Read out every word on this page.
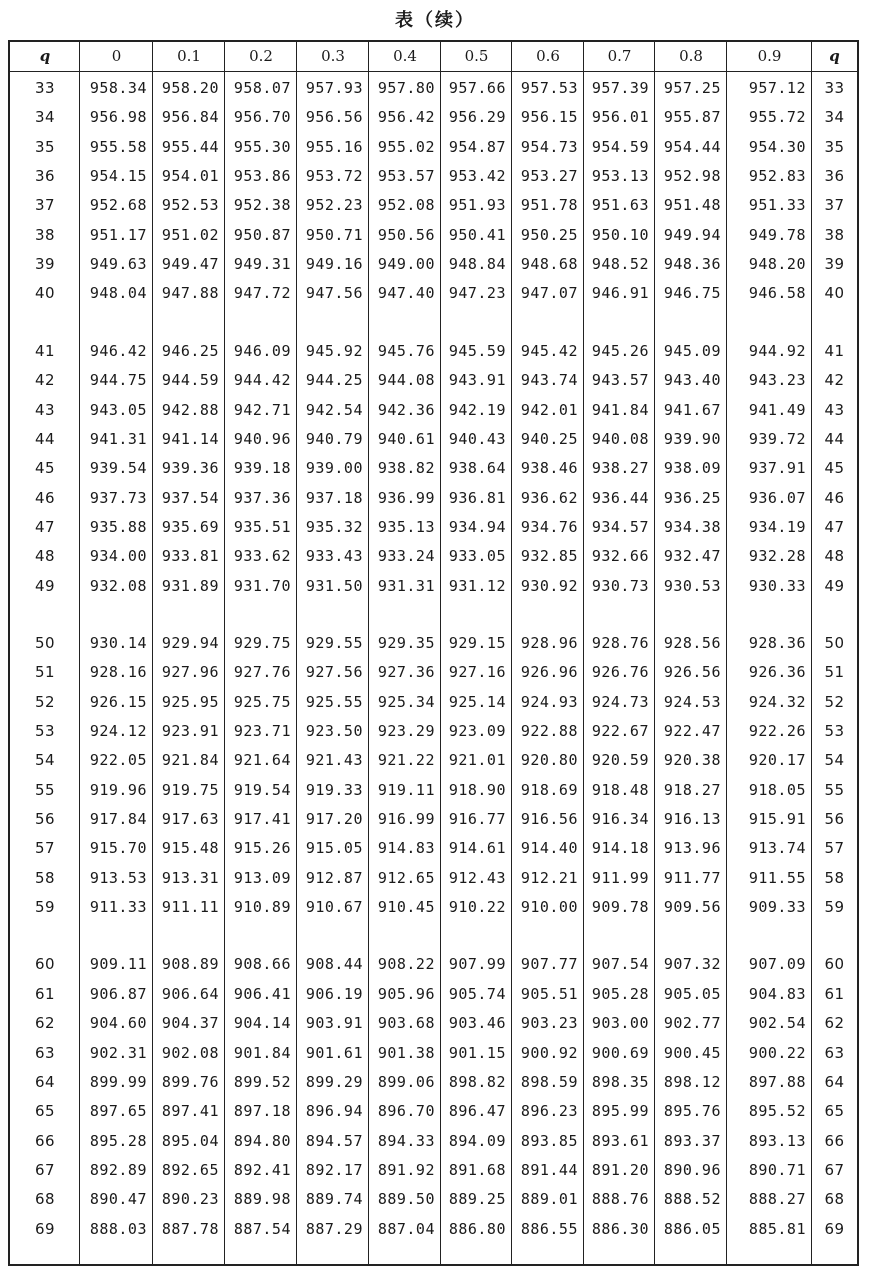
表（续）
q	0	0.1	0.2	0.3	0.4	0.5	0.6	0.7	0.8	0.9	q
33	958.34 958.20 958.07 957.93 957.80 957.66 957.53 957.39 957.25	957.12	33
34	956.98 956.84 956.70 956.56 956.42 956.29 956.15 956.01 955.87	955.72	34
35	955.58 955.44 955.30 955.16 955.02 954.87 954.73 954.59 954.44	954.30	35
36	954.15 954.01 953.86 953.72 953.57 953.42 953.27 953.13 952.98	952.83	36
37	952.68 952.53 952.38 952.23 952.08 951.93 951.78 951.63 951.48	951.33	37
38	951.17 951.02 950.87 950.71 950.56 950.41 950.25 950.10 949.94	949.78	38
39	949.63 949.47 949.31 949.16 949.00 948.84 948.68 948.52 948.36	948.20	39
40	948.04 947.88 947.72 947.56 947.40 947.23 947.07 946.91 946.75	946.58	40
41	946.42 946.25 946.09 945.92 945.76 945.59 945.42 945.26 945.09	944.92	41
42	944.75 944.59 944.42 944.25 944.08 943.91 943.74 943.57 943.40	943.23	42
43	943.05 942.88 942.71 942.54 942.36 942.19 942.01 941.84 941.67	941.49	43
44	941.31 941.14 940.96 940.79 940.61 940.43 940.25 940.08 939.90	939.72	44
45	939.54 939.36 939.18 939.00 938.82 938.64 938.46 938.27 938.09	937.91	45
46	937.73 937.54 937.36 937.18 936.99 936.81 936.62 936.44 936.25	936.07	46
47	935.88 935.69 935.51 935.32 935.13 934.94 934.76 934.57 934.38	934.19	47
48	934.00 933.81 933.62 933.43 933.24 933.05 932.85 932.66 932.47	932.28	48
49	932.08 931.89 931.70 931.50 931.31 931.12 930.92 930.73 930.53	930.33	49
50	930.14 929.94 929.75 929.55 929.35 929.15 928.96 928.76 928.56	928.36	50
51	928.16 927.96 927.76 927.56 927.36 927.16 926.96 926.76 926.56	926.36	51
52	926.15 925.95 925.75 925.55 925.34 925.14 924.93 924.73 924.53	924.32	52
53	924.12 923.91 923.71 923.50 923.29 923.09 922.88 922.67 922.47	922.26	53
54	922.05 921.84 921.64 921.43 921.22 921.01 920.80 920.59 920.38	920.17	54
55	919.96 919.75 919.54 919.33 919.11 918.90 918.69 918.48 918.27	918.05	55
56	917.84 917.63 917.41 917.20 916.99 916.77 916.56 916.34 916.13	915.91	56
57	915.70 915.48 915.26 915.05 914.83 914.61 914.40 914.18 913.96	913.74	57
58	913.53 913.31 913.09 912.87 912.65 912.43 912.21 911.99 911.77	911.55	58
59	911.33 911.11 910.89 910.67 910.45 910.22 910.00 909.78 909.56	909.33	59
60	909.11 908.89 908.66 908.44 908.22 907.99 907.77 907.54 907.32	907.09	60
61	906.87 906.64 906.41 906.19 905.96 905.74 905.51 905.28 905.05	904.83	61
62	904.60 904.37 904.14 903.91 903.68 903.46 903.23 903.00 902.77	902.54	62
63	902.31 902.08 901.84 901.61 901.38 901.15 900.92 900.69 900.45	900.22	63
64	899.99 899.76 899.52 899.29 899.06 898.82 898.59 898.35 898.12	897.88	64
65	897.65 897.41 897.18 896.94 896.70 896.47 896.23 895.99 895.76	895.52	65
66	895.28 895.04 894.80 894.57 894.33 894.09 893.85 893.61 893.37	893.13	66
67	892.89 892.65 892.41 892.17 891.92 891.68 891.44 891.20 890.96	890.71	67
68	890.47 890.23 889.98 889.74 889.50 889.25 889.01 888.76 888.52	888.27	68
69	888.03 887.78 887.54 887.29 887.04 886.80 886.55 886.30 886.05	885.81	69
